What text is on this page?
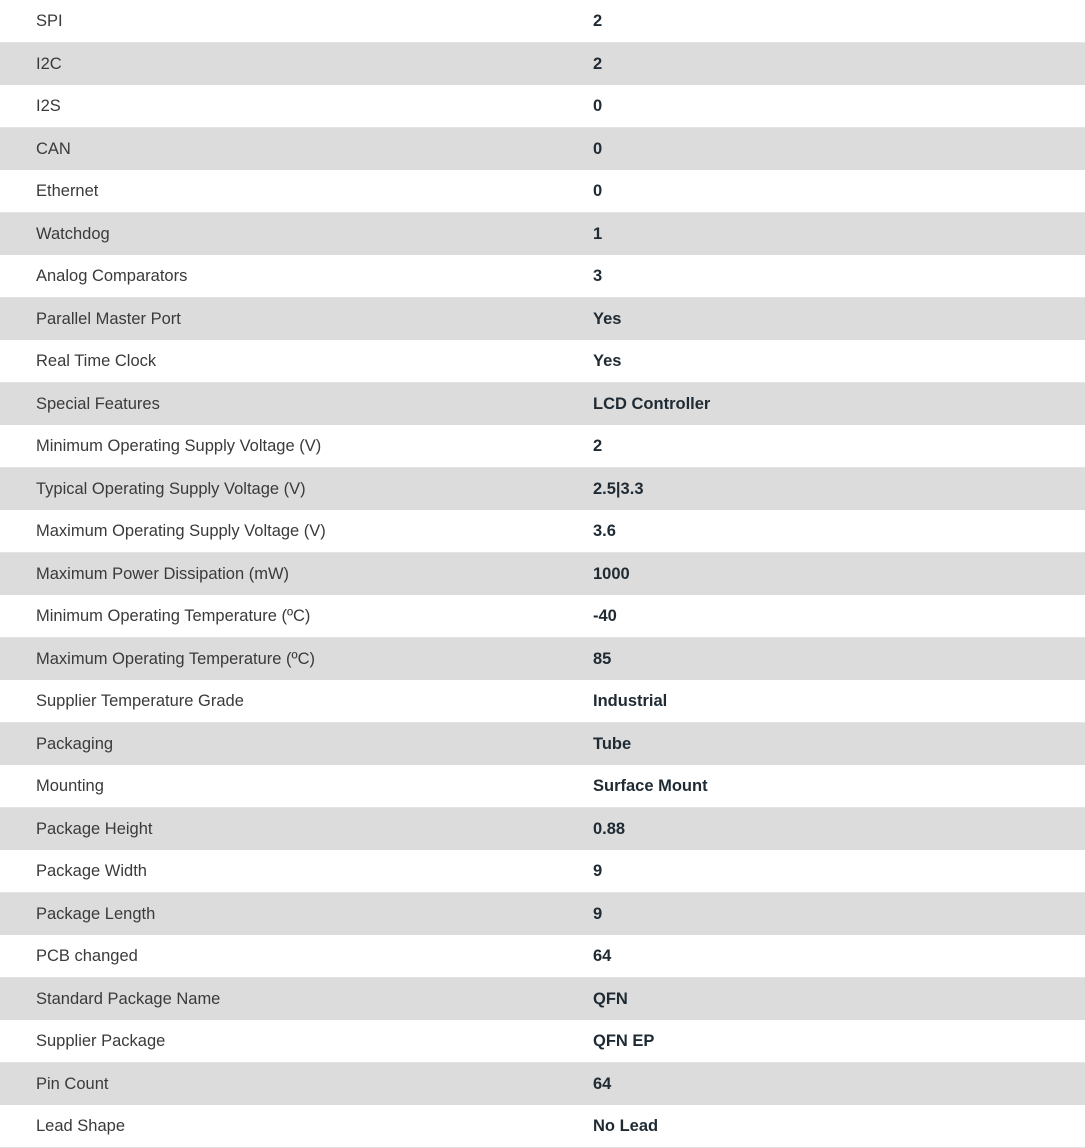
SPI	2

I2C	2

I2S	0

CAN	0

Ethernet	0

Watchdog	1

Analog Comparators	3

Parallel Master Port	Yes

Real Time Clock	Yes

Special Features	LCD Controller

Minimum Operating Supply Voltage (V)	2

Typical Operating Supply Voltage (V)	2.5|3.3

Maximum Operating Supply Voltage (V)	3.6

Maximum Power Dissipation (mW)	1000

Minimum Operating Temperature (ºC)	-40

Maximum Operating Temperature (ºC)	85

Supplier Temperature Grade	Industrial

Packaging	Tube

Mounting	Surface Mount

Package Height	0.88

Package Width	9

Package Length	9

PCB changed	64

Standard Package Name	QFN

Supplier Package	QFN EP

Pin Count	64

Lead Shape	No Lead
